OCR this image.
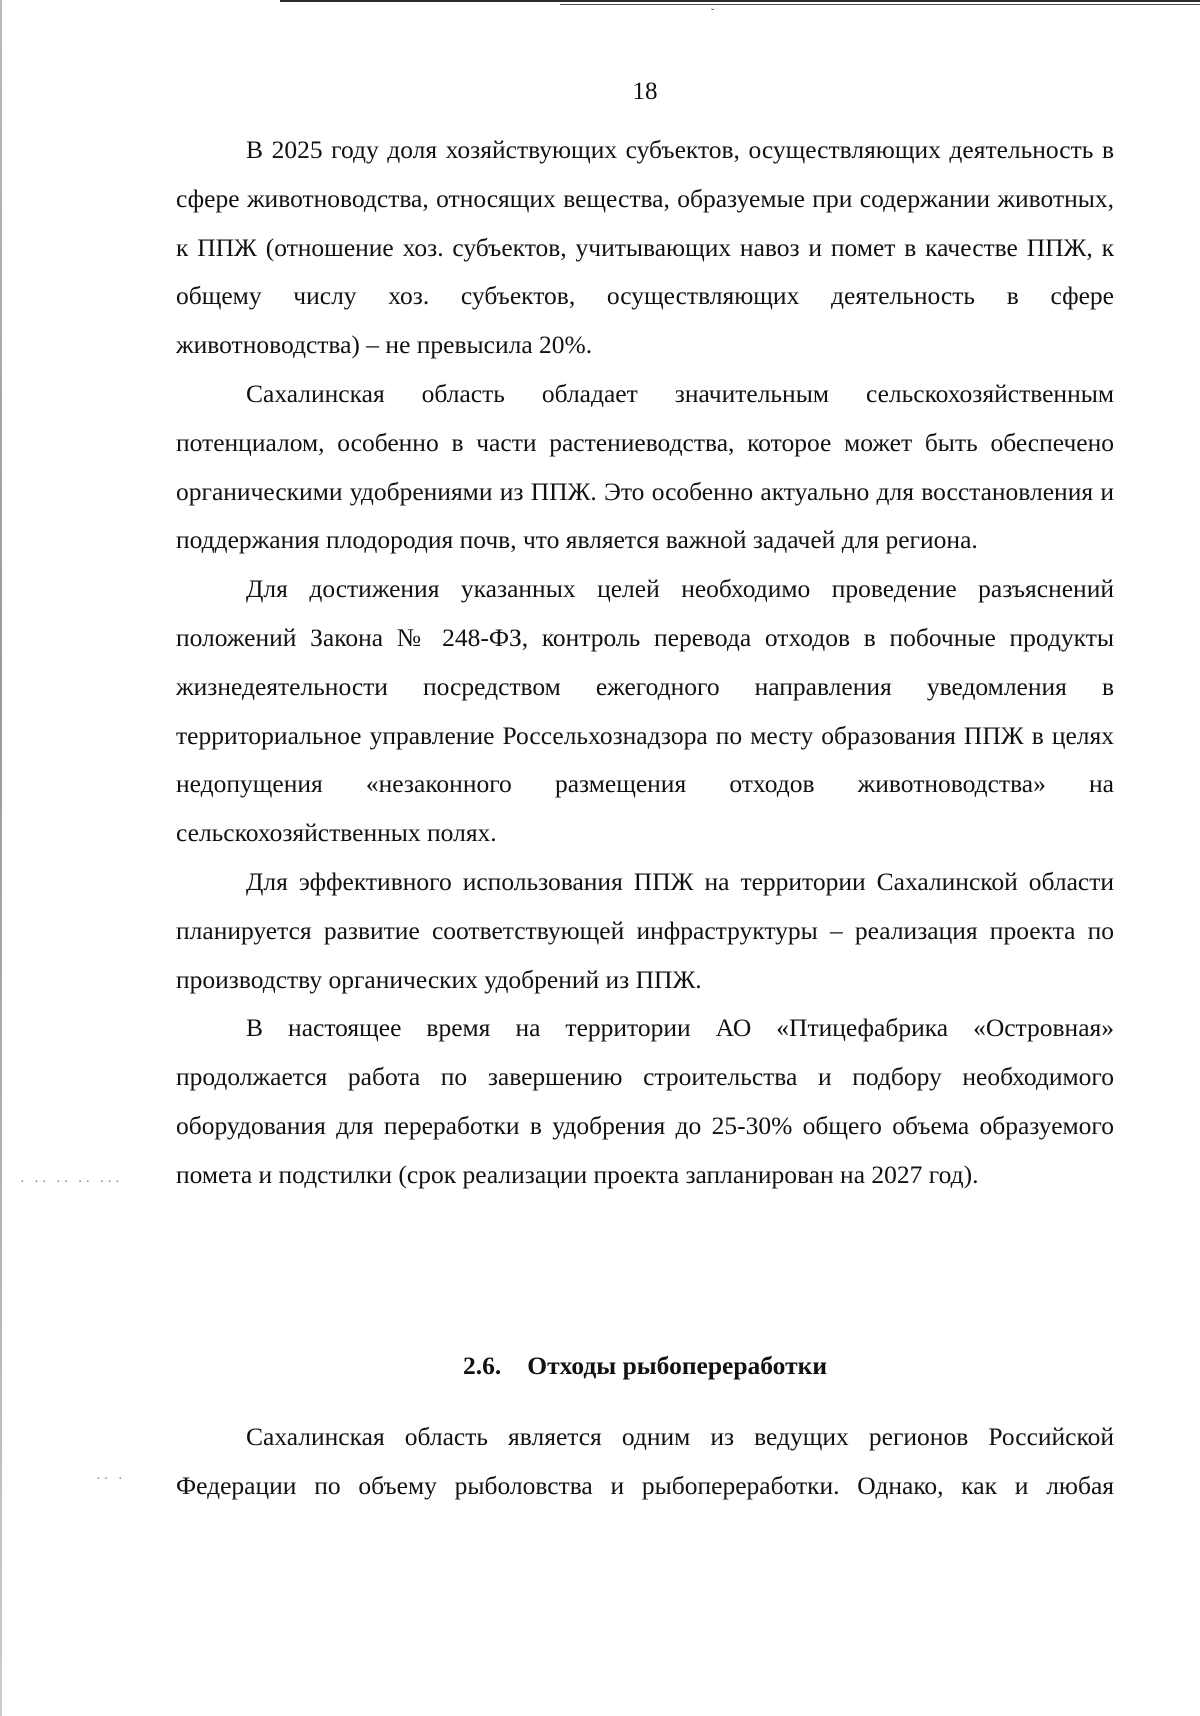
ˇ
· ·· ·· ·· ···
·· ·
18

В 2025 году доля хозяйствующих субъектов, осуществляющих деятельность в сфере животноводства, относящих вещества, образуемые при содержании животных, к ППЖ (отношение хоз. субъектов, учитывающих навоз и помет в качестве ППЖ, к общему числу хоз. субъектов, осуществляющих деятельность в сфере животноводства) – не превысила 20%.

Сахалинская область обладает значительным сельскохозяйственным потенциалом, особенно в части растениеводства, которое может быть обеспечено органическими удобрениями из ППЖ. Это особенно актуально для восстановления и поддержания плодородия почв, что является важной задачей для региона.

Для достижения указанных целей необходимо проведение разъяснений положений Закона № 248-ФЗ, контроль перевода отходов в побочные продукты жизнедеятельности посредством ежегодного направления уведомления в территориальное управление Россельхознадзора по месту образования ППЖ в целях недопущения «незаконного размещения отходов животноводства» на сельскохозяйственных полях.

Для эффективного использования ППЖ на территории Сахалинской области планируется развитие соответствующей инфраструктуры – реализация проекта по производству органических удобрений из ППЖ.

В настоящее время на территории АО «Птицефабрика «Островная» продолжается работа по завершению строительства и подбору необходимого оборудования для переработки в удобрения до 25-30% общего объема образуемого помета и подстилки (срок реализации проекта запланирован на 2027 год).

2.6. Отходы рыбопереработки

Сахалинская область является одним из ведущих регионов Российской Федерации по объему рыболовства и рыбопереработки. Однако, как и любая
